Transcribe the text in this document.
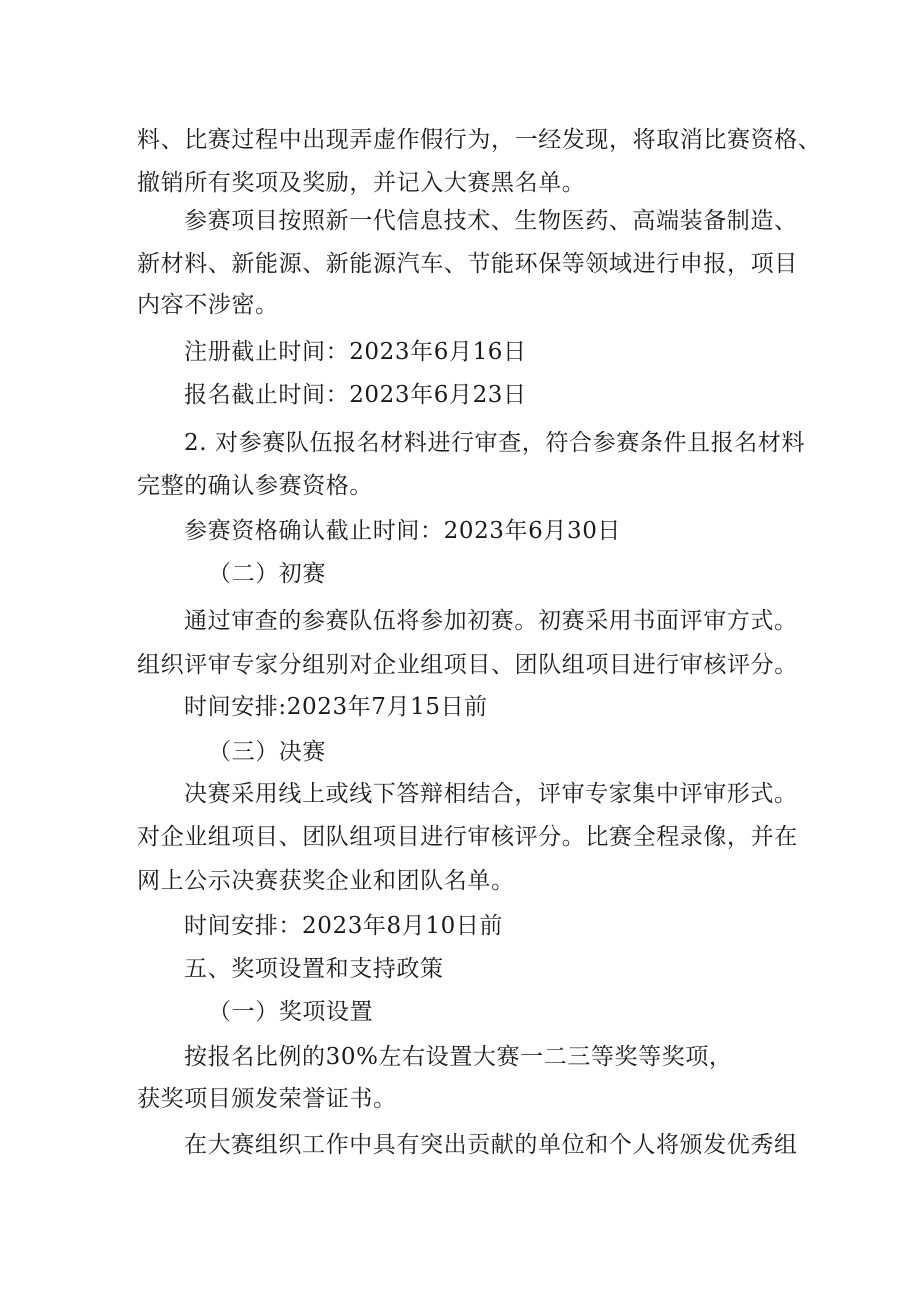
料、比赛过程中出现弄虚作假行为，一经发现，将取消比赛资格、
撤销所有奖项及奖励，并记入大赛黑名单。
参赛项目按照新一代信息技术、生物医药、高端装备制造、
新材料、新能源、新能源汽车、节能环保等领域进行申报，项目
内容不涉密。
注册截止时间：2023年6月16日
报名截止时间：2023年6月23日
2. 对参赛队伍报名材料进行审查，符合参赛条件且报名材料
完整的确认参赛资格。
参赛资格确认截止时间：2023年6月30日
（二）初赛
通过审查的参赛队伍将参加初赛。初赛采用书面评审方式。
组织评审专家分组别对企业组项目、团队组项目进行审核评分。
时间安排:2023年7月15日前
（三）决赛
决赛采用线上或线下答辩相结合，评审专家集中评审形式。
对企业组项目、团队组项目进行审核评分。比赛全程录像，并在
网上公示决赛获奖企业和团队名单。
时间安排：2023年8月10日前
五、奖项设置和支持政策
（一）奖项设置
按报名比例的30%左右设置大赛一二三等奖等奖项，
获奖项目颁发荣誉证书。
在大赛组织工作中具有突出贡献的单位和个人将颁发优秀组
